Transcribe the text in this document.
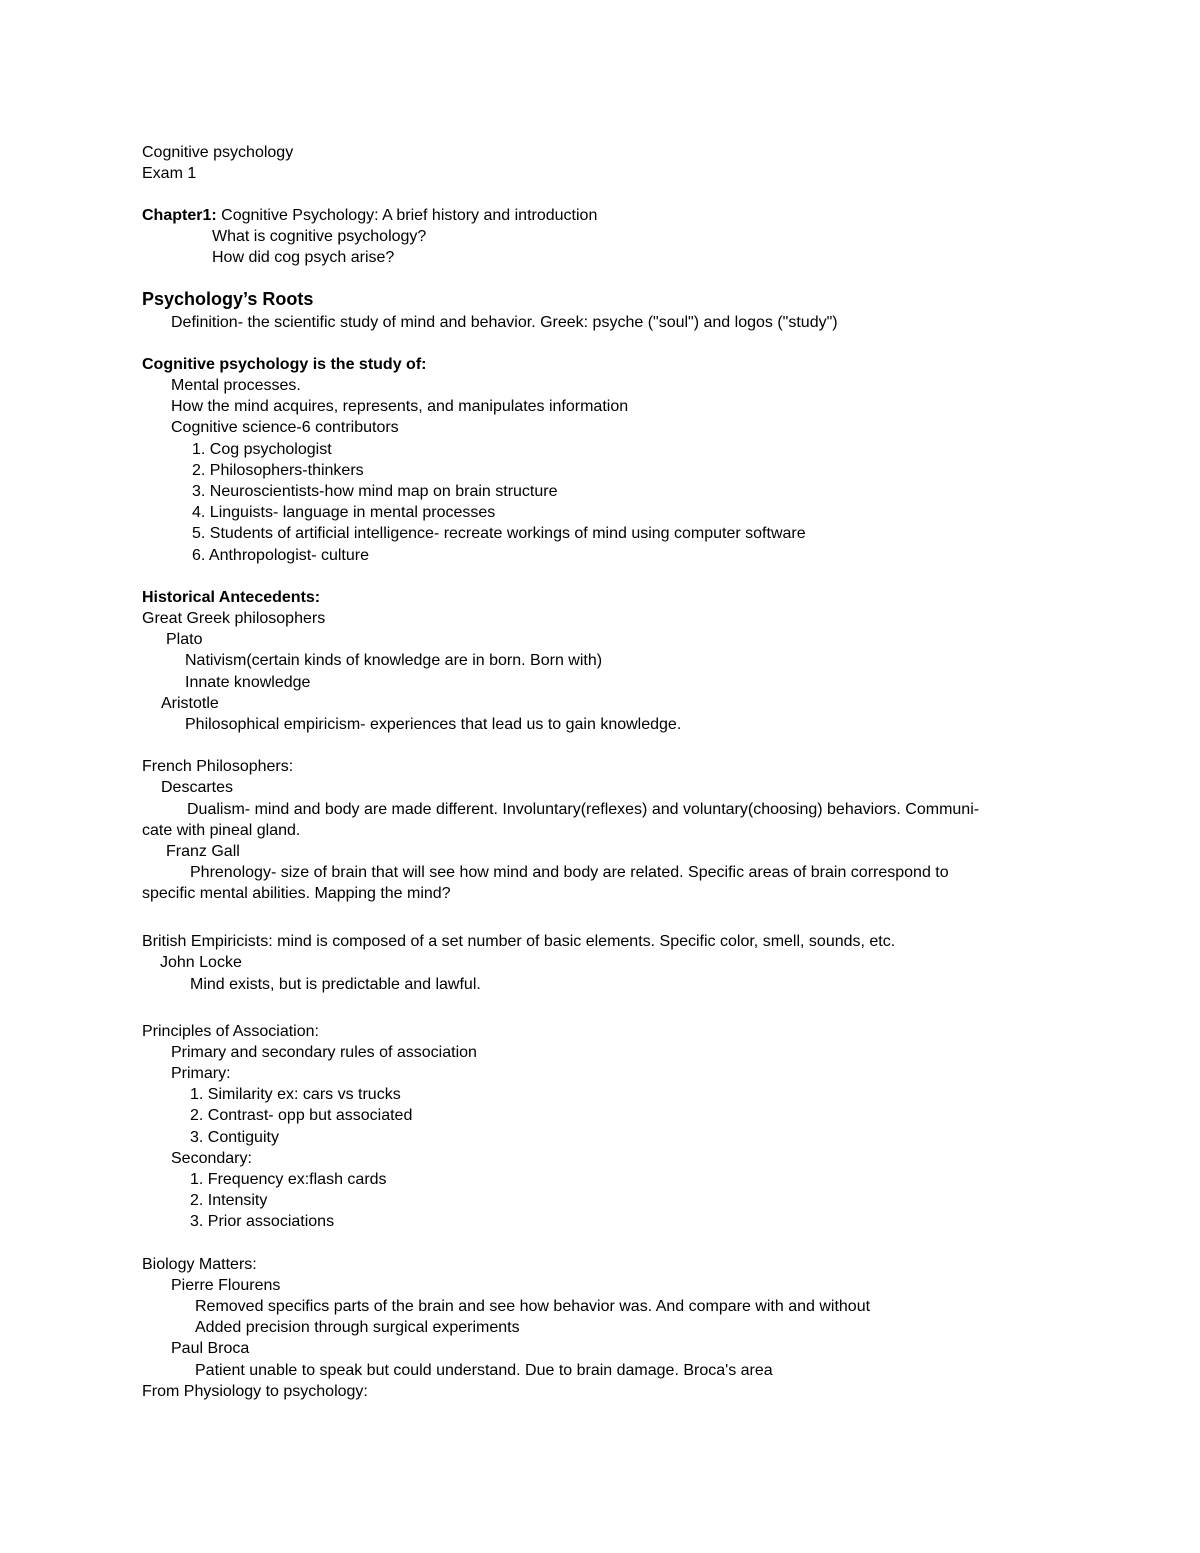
Cognitive psychology
Exam 1
Chapter1: Cognitive Psychology: A brief history and introduction
What is cognitive psychology?
How did cog psych arise?
Psychology’s Roots
Definition- the scientific study of mind and behavior. Greek: psyche ("soul") and logos ("study")
Cognitive psychology is the study of:
Mental processes.
How the mind acquires, represents, and manipulates information
Cognitive science-6 contributors
1. Cog psychologist
2. Philosophers-thinkers
3. Neuroscientists-how mind map on brain structure
4. Linguists- language in mental processes
5. Students of artificial intelligence- recreate workings of mind using computer software
6. Anthropologist- culture
Historical Antecedents:
Great Greek philosophers
Plato
Nativism(certain kinds of knowledge are in born. Born with)
Innate knowledge
Aristotle
Philosophical empiricism- experiences that lead us to gain knowledge.
French Philosophers:
Descartes
Dualism- mind and body are made different. Involuntary(reflexes) and voluntary(choosing) behaviors. Communi-
cate with pineal gland.
Franz Gall
Phrenology- size of brain that will see how mind and body are related. Specific areas of brain correspond to
specific mental abilities. Mapping the mind?
British Empiricists: mind is composed of a set number of basic elements. Specific color, smell, sounds, etc.
John Locke
Mind exists, but is predictable and lawful.
Principles of Association:
Primary and secondary rules of association
Primary:
1. Similarity ex: cars vs trucks
2. Contrast- opp but associated
3. Contiguity
Secondary:
1. Frequency ex:flash cards
2. Intensity
3. Prior associations
Biology Matters:
Pierre Flourens
Removed specifics parts of the brain and see how behavior was. And compare with and without
Added precision through surgical experiments
Paul Broca
Patient unable to speak but could understand. Due to brain damage. Broca's area
From Physiology to psychology:
